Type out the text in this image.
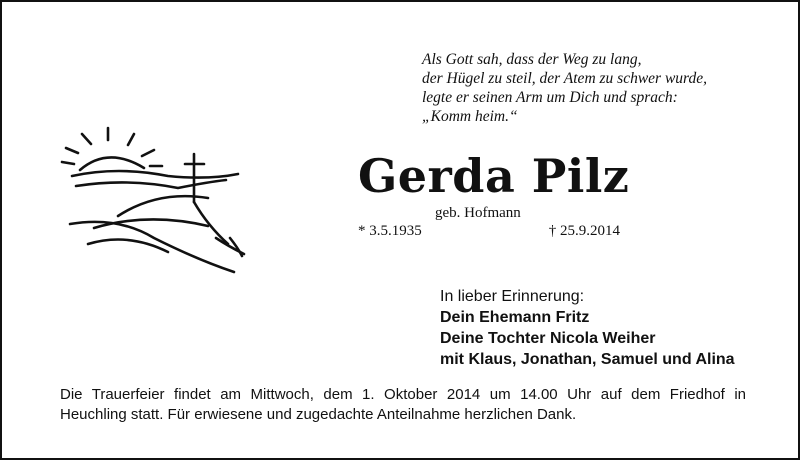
Als Gott sah, dass der Weg zu lang,
der Hügel zu steil, der Atem zu schwer wurde,
legte er seinen Arm um Dich und sprach:
„Komm heim.“
Gerda Pilz
geb. Hofmann
* 3.5.1935	† 25.9.2014
In lieber Erinnerung:
Dein Ehemann Fritz
Deine Tochter Nicola Weiher
mit Klaus, Jonathan, Samuel und Alina
Die Trauerfeier findet am Mittwoch, dem 1. Oktober 2014 um 14.00 Uhr auf dem Friedhof in
Heuchling statt. Für erwiesene und zugedachte Anteilnahme herzlichen Dank.
